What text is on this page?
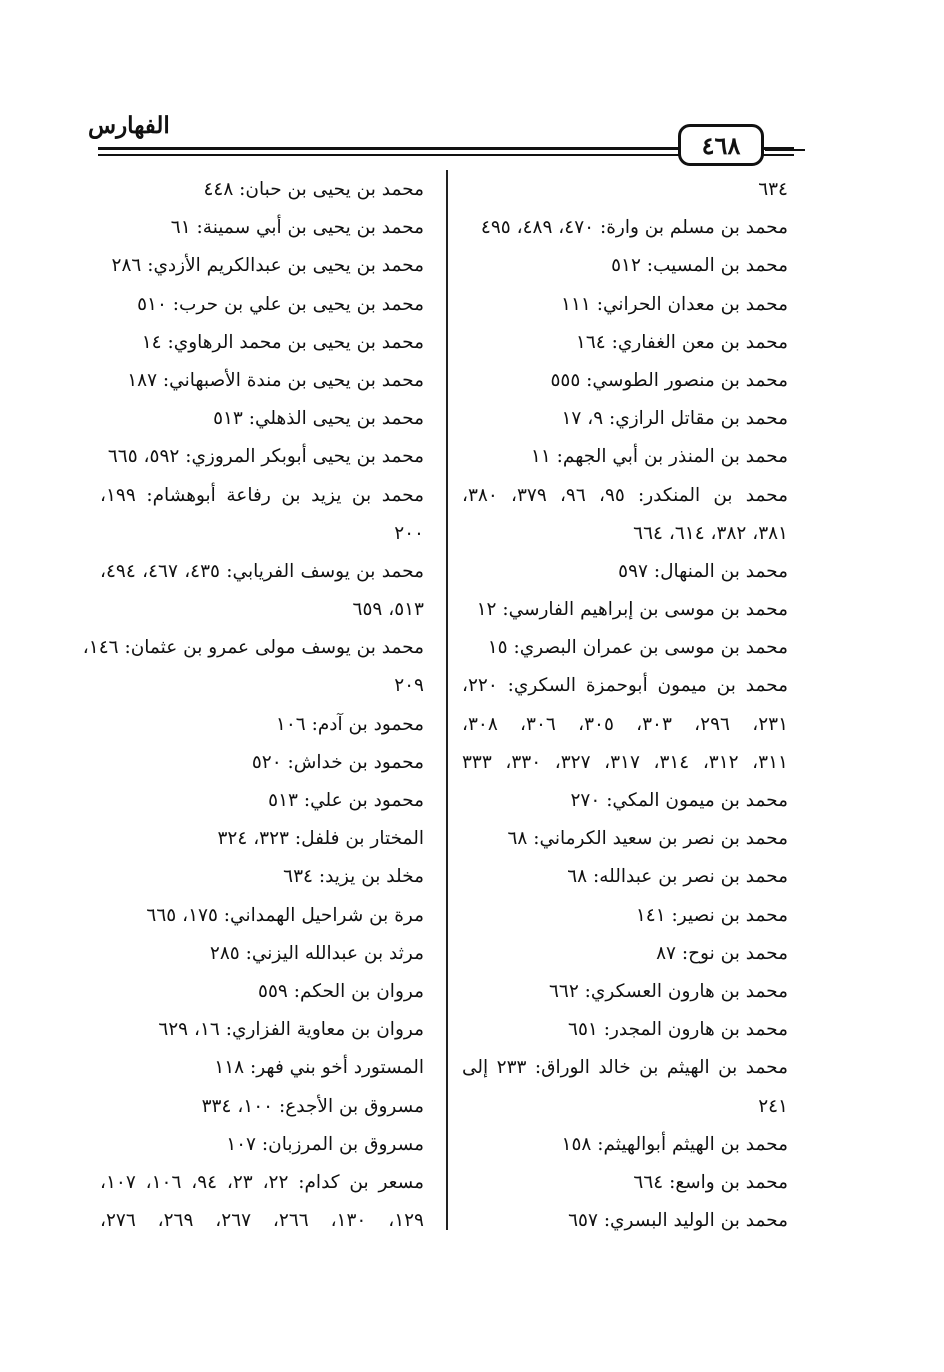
الفهارس
٤٦٨
٦٣٤
محمد بن مسلم بن وارة: ٤٧٠، ٤٨٩، ٤٩٥
محمد بن المسيب: ٥١٢
محمد بن معدان الحراني: ١١١
محمد بن معن الغفاري: ١٦٤
محمد بن منصور الطوسي: ٥٥٥
محمد بن مقاتل الرازي: ٩، ١٧
محمد بن المنذر بن أبي الجهم: ١١
محمد بن المنكدر: ٩٥، ٩٦، ٣٧٩، ٣٨٠،
٣٨١، ٣٨٢، ٦١٤، ٦٦٤
محمد بن المنهال: ٥٩٧
محمد بن موسى بن إبراهيم الفارسي: ١٢
محمد بن موسى بن عمران البصري: ١٥
محمد بن ميمون أبوحمزة السكري: ٢٢٠،
٢٣١، ٢٩٦، ٣٠٣، ٣٠٥، ٣٠٦، ٣٠٨،
٣١١، ٣١٢، ٣١٤، ٣١٧، ٣٢٧، ٣٣٠، ٣٣٣
محمد بن ميمون المكي: ٢٧٠
محمد بن نصر بن سعيد الكرماني: ٦٨
محمد بن نصر بن عبدالله: ٦٨
محمد بن نصير: ١٤١
محمد بن نوح: ٨٧
محمد بن هارون العسكري: ٦٦٢
محمد بن هارون المجدر: ٦٥١
محمد بن الهيثم بن خالد الوراق: ٢٣٣ إلى
٢٤١
محمد بن الهيثم أبوالهيثم: ١٥٨
محمد بن واسع: ٦٦٤
محمد بن الوليد البسري: ٦٥٧
محمد بن يحيى بن حبان: ٤٤٨
محمد بن يحيى بن أبي سمينة: ٦١
محمد بن يحيى بن عبدالكريم الأزدي: ٢٨٦
محمد بن يحيى بن علي بن حرب: ٥١٠
محمد بن يحيى بن محمد الرهاوي: ١٤
محمد بن يحيى بن مندة الأصبهاني: ١٨٧
محمد بن يحيى الذهلي: ٥١٣
محمد بن يحيى أبوبكر المروزي: ٥٩٢، ٦٦٥
محمد بن يزيد بن رفاعة أبوهشام: ١٩٩،
٢٠٠
محمد بن يوسف الفريابي: ٤٣٥، ٤٦٧، ٤٩٤،
٥١٣، ٦٥٩
محمد بن يوسف مولى عمرو بن عثمان: ١٤٦،
٢٠٩
محمود بن آدم: ١٠٦
محمود بن خداش: ٥٢٠
محمود بن علي: ٥١٣
المختار بن فلفل: ٣٢٣، ٣٢٤
مخلد بن يزيد: ٦٣٤
مرة بن شراحيل الهمداني: ١٧٥، ٦٦٥
مرثد بن عبدالله اليزني: ٢٨٥
مروان بن الحكم: ٥٥٩
مروان بن معاوية الفزاري: ١٦، ٦٢٩
المستورد أخو بني فهر: ١١٨
مسروق بن الأجدع: ١٠٠، ٣٣٤
مسروق بن المرزبان: ١٠٧
مسعر بن كدام: ٢٢، ٢٣، ٩٤، ١٠٦، ١٠٧،
١٢٩، ١٣٠، ٢٦٦، ٢٦٧، ٢٦٩، ٢٧٦،
